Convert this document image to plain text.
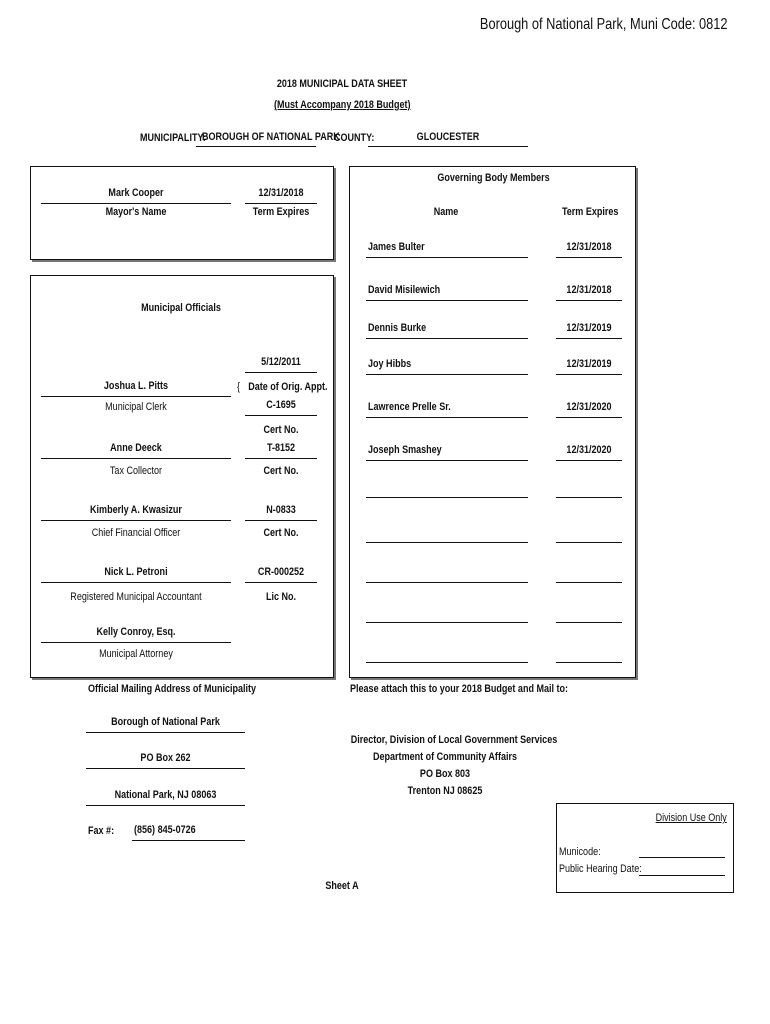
Borough of National Park, Muni Code: 0812
2018 MUNICIPAL DATA SHEET
(Must Accompany 2018 Budget)
MUNICIPALITY:
BOROUGH OF NATIONAL PARK
COUNTY:	GLOUCESTER
Mark Cooper
Mayor's Name
12/31/2018
Term Expires
Municipal Officials
5/12/2011
Joshua L. Pitts	{ Date of Orig. Appt.
Municipal Clerk	C-1695
Cert No.
Anne Deeck	T-8152
Tax Collector	Cert No.
Kimberly A. Kwasizur	N-0833
Chief Financial Officer	Cert No.
Nick L. Petroni	CR-000252
Registered Municipal Accountant	Lic No.
Kelly Conroy, Esq.
Municipal Attorney
Governing Body Members
Name	Term Expires
James Bulter	12/31/2018
David Misilewich	12/31/2018
Dennis Burke	12/31/2019
Joy Hibbs	12/31/2019
Lawrence Prelle Sr.	12/31/2020
Joseph Smashey	12/31/2020
Official Mailing Address of Municipality
Borough of National Park
PO Box 262
National Park, NJ 08063
Fax #: (856) 845-0726
Please attach this to your 2018 Budget and Mail to:
Director, Division of Local Government Services
Department of Community Affairs
PO Box 803
Trenton NJ 08625
Division Use Only
Municode:
Public Hearing Date:
Sheet A
